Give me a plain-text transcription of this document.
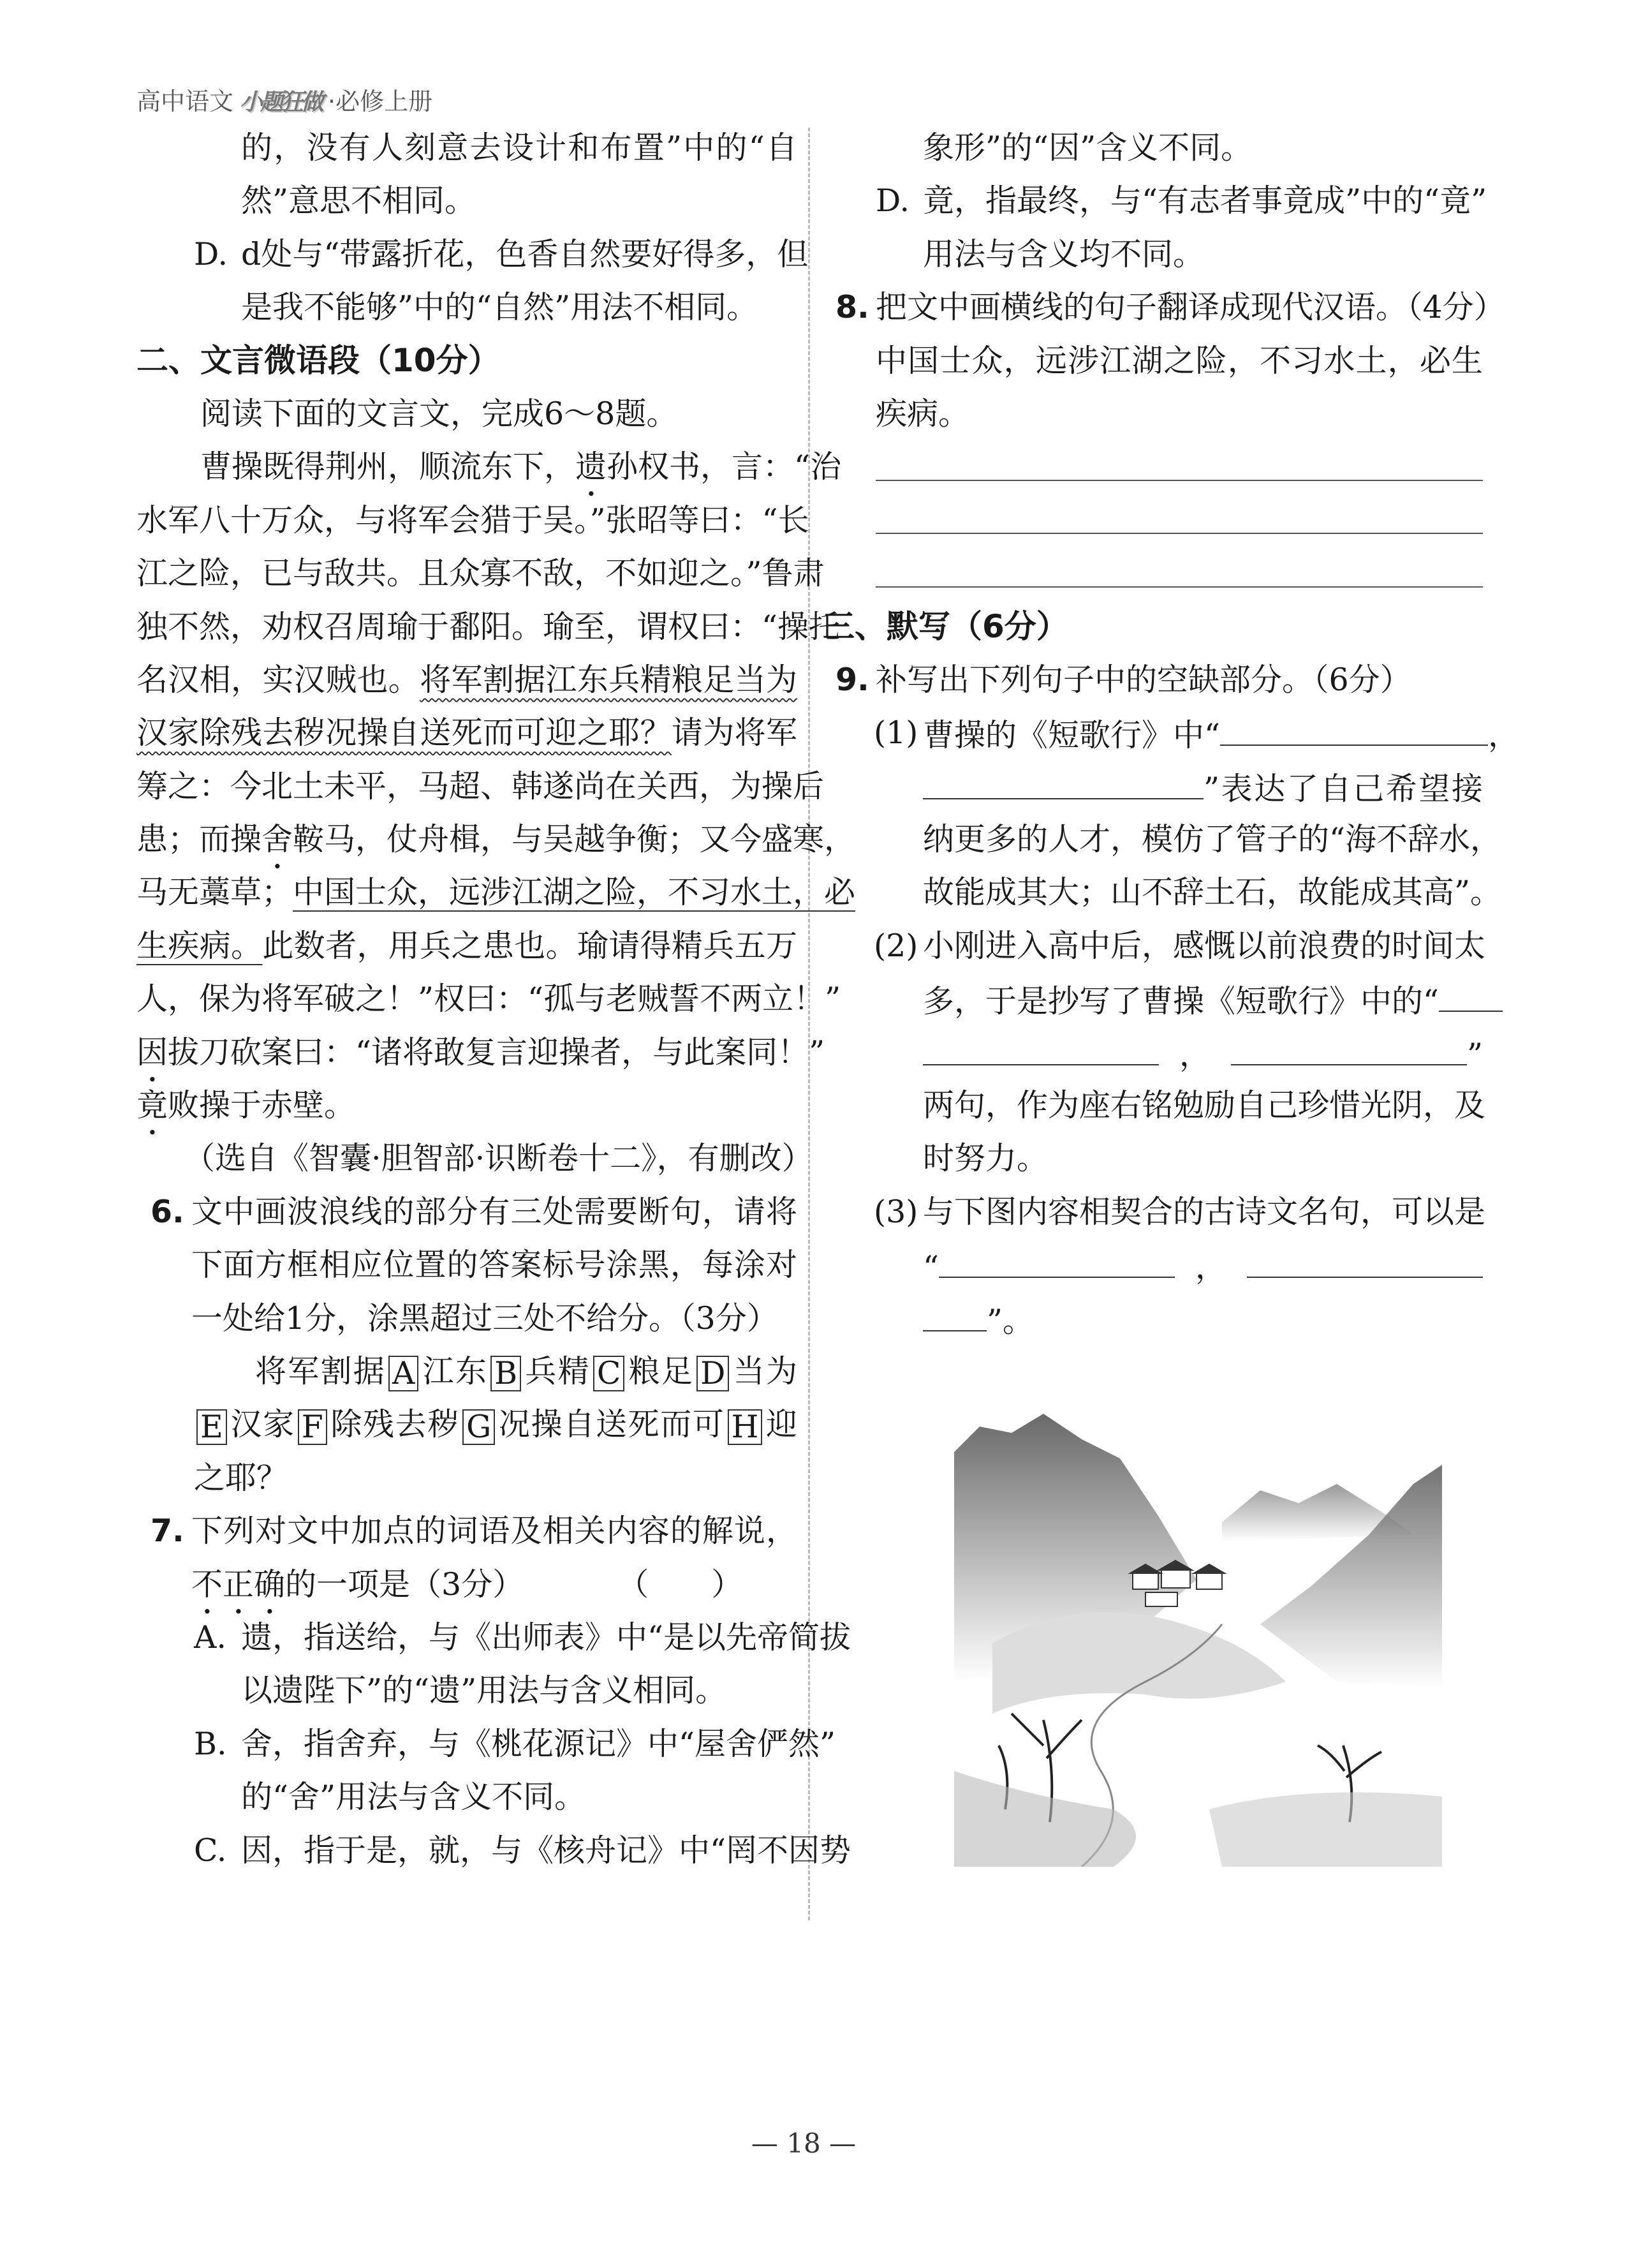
高中语文 小题狂做 ·必修上册
的，没有人刻意去设计和布置”中的“自
然”意思不相同。
D. d处与“带露折花，色香自然要好得多，但
是我不能够”中的“自然”用法不相同。
二、文言微语段（10分）
阅读下面的文言文，完成6～8题。
曹操既得荆州，顺流东下，遗孙权书，言：“治
水军八十万众，与将军会猎于吴。”张昭等曰：“长
江之险，已与敌共。且众寡不敌，不如迎之。”鲁肃
独不然，劝权召周瑜于鄱阳。瑜至，谓权曰：“操托
名汉相，实汉贼也。将军割据江东兵精粮足当为
汉家除残去秽况操自送死而可迎之耶？请为将军
筹之：今北土未平，马超、韩遂尚在关西，为操后
患；而操舍鞍马，仗舟楫，与吴越争衡；又今盛寒，
马无藁草；中国士众，远涉江湖之险，不习水土，必
生疾病。此数者，用兵之患也。瑜请得精兵五万
人，保为将军破之！”权曰：“孤与老贼誓不两立！”
因拔刀砍案曰：“诸将敢复言迎操者，与此案同！”
竟败操于赤壁。
（选自《智囊·胆智部·识断卷十二》，有删改）
6. 文中画波浪线的部分有三处需要断句，请将
下面方框相应位置的答案标号涂黑，每涂对
一处给1分，涂黑超过三处不给分。（3分）
将军割据 A 江东 B 兵精 C 粮足 D 当为
E 汉家 F 除残去秽 G 况操自送死而可 H 迎
之耶？
7. 下列对文中加点的词语及相关内容的解说，
不正确的一项是（3分）　　　　（　　）
A. 遗，指送给，与《出师表》中“是以先帝简拔
以遗陛下”的“遗”用法与含义相同。
B. 舍，指舍弃，与《桃花源记》中“屋舍俨然”
的“舍”用法与含义不同。
C. 因，指于是，就，与《核舟记》中“罔不因势
象形”的“因”含义不同。
D. 竟，指最终，与“有志者事竟成”中的“竟”
用法与含义均不同。
8. 把文中画横线的句子翻译成现代汉语。（4分）
中国士众，远涉江湖之险，不习水土，必生
疾病。
三、默写（6分）
9. 补写出下列句子中的空缺部分。（6分）
(1) 曹操的《短歌行》中“	，
”表达了自己希望接
纳更多的人才，模仿了管子的“海不辞水，
故能成其大；山不辞土石，故能成其高”。
(2) 小刚进入高中后，感慨以前浪费的时间太
多，于是抄写了曹操《短歌行》中的“
，	”
两句，作为座右铭勉励自己珍惜光阴，及
时努力。
(3) 与下图内容相契合的古诗文名句，可以是
“	，
”。
— 18 —
